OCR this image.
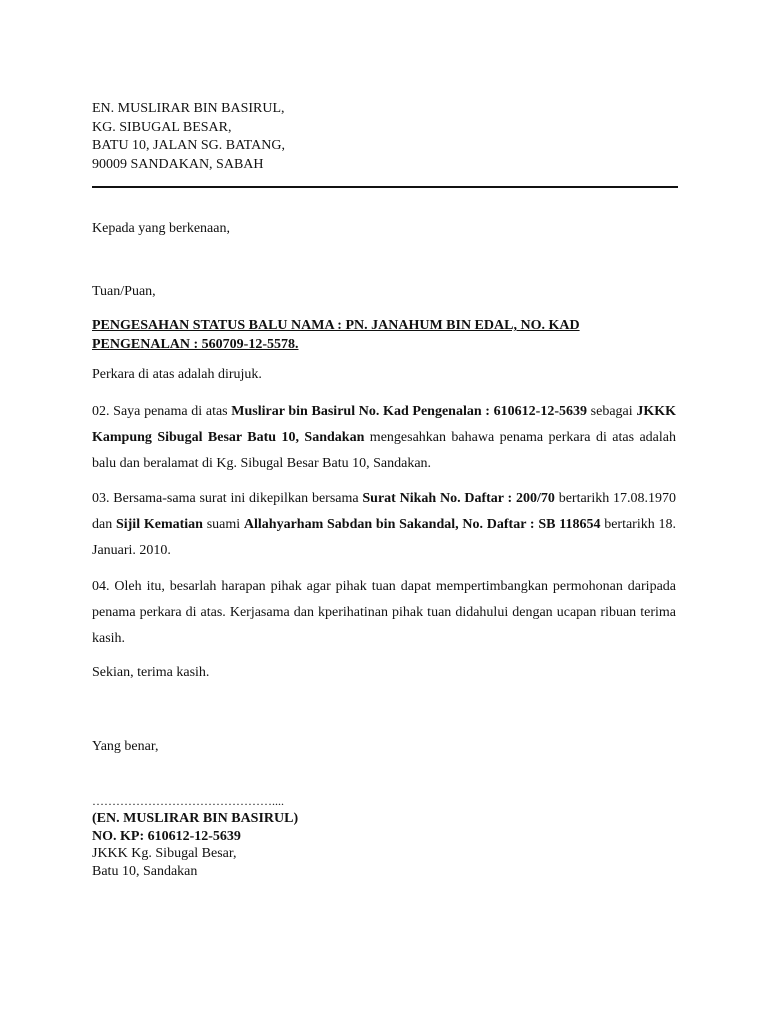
EN. MUSLIRAR BIN BASIRUL,
KG. SIBUGAL BESAR,
BATU 10, JALAN SG. BATANG,
90009 SANDAKAN, SABAH

Kepada yang berkenaan,

Tuan/Puan,

PENGESAHAN STATUS BALU NAMA : PN. JANAHUM BIN EDAL, NO. KAD
PENGENALAN : 560709-12-5578.

Perkara di atas adalah dirujuk.

02. Saya penama di atas Muslirar bin Basirul No. Kad Pengenalan : 610612-12-5639 sebagai JKKK Kampung Sibugal Besar Batu 10, Sandakan mengesahkan bahawa penama perkara di atas adalah balu dan beralamat di Kg. Sibugal Besar Batu 10, Sandakan.

03. Bersama-sama surat ini dikepilkan bersama Surat Nikah No. Daftar : 200/70 bertarikh 17.08.1970 dan Sijil Kematian suami Allahyarham Sabdan bin Sakandal, No. Daftar : SB 118654 bertarikh 18. Januari. 2010.

04. Oleh itu, besarlah harapan pihak agar pihak tuan dapat mempertimbangkan permohonan daripada penama perkara di atas. Kerjasama dan kperihatinan pihak tuan didahului dengan ucapan ribuan terima kasih.

Sekian, terima kasih.

Yang benar,

………………………………………....
(EN. MUSLIRAR BIN BASIRUL)
NO. KP: 610612-12-5639
JKKK Kg. Sibugal Besar,
Batu 10, Sandakan
